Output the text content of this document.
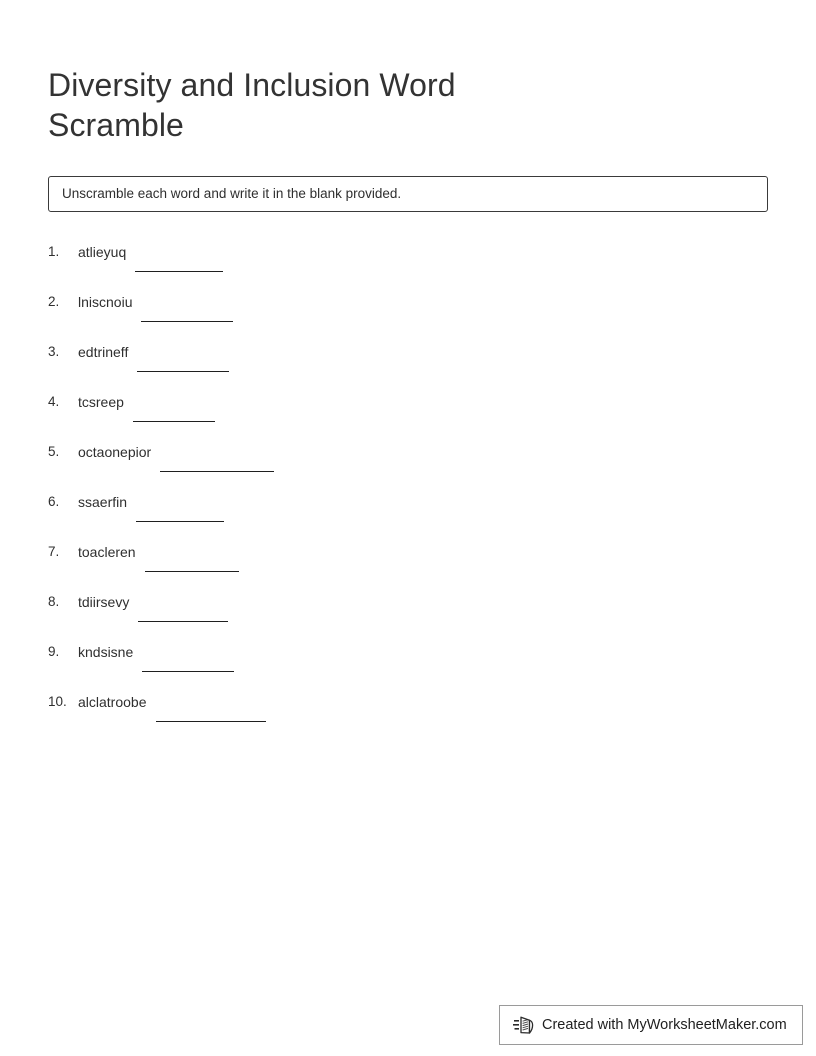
Diversity and Inclusion Word Scramble
Unscramble each word and write it in the blank provided.
1.	atlieyuq
2.	lniscnoiu
3.	edtrineff
4.	tcsreep
5.	octaonepior
6.	ssaerfin
7.	toacleren
8.	tdiirsevy
9.	kndsisne
10. alclatroobe
Created with MyWorksheetMaker.com
